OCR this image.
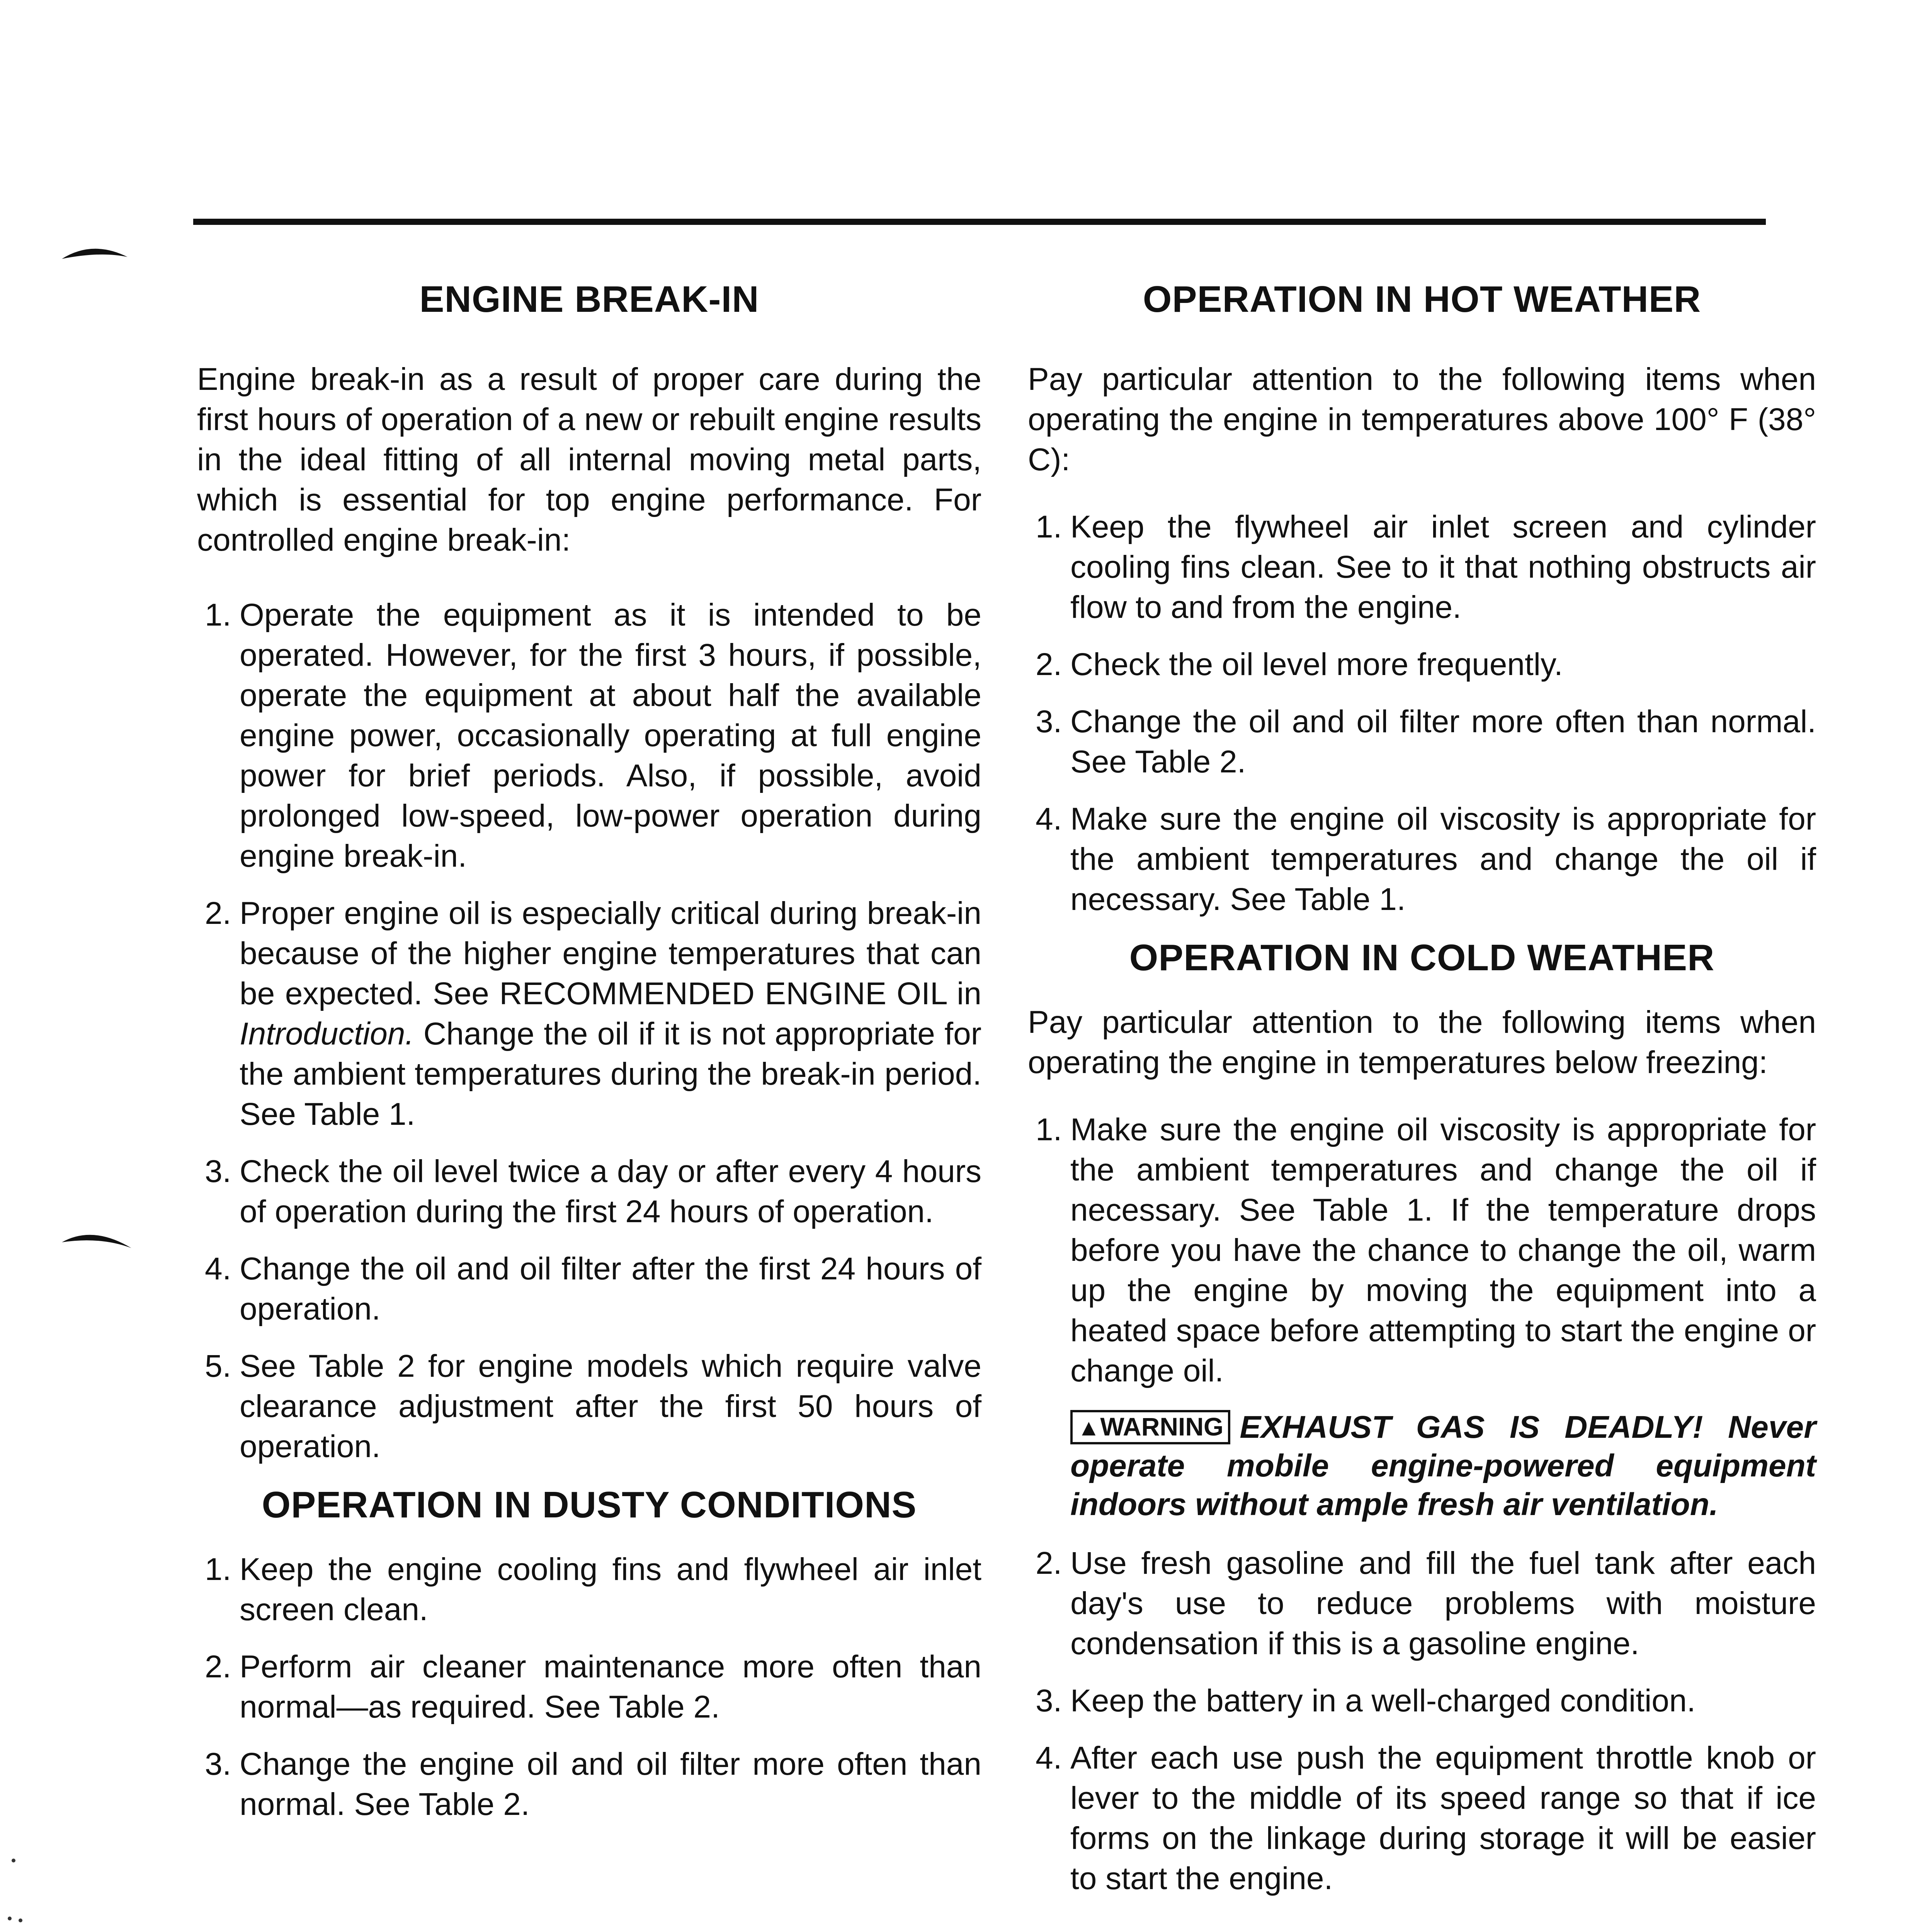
ENGINE BREAK-IN

Engine break-in as a result of proper care during the first hours of operation of a new or rebuilt engine results in the ideal fitting of all internal moving metal parts, which is essential for top engine performance. For controlled engine break-in:

1. Operate the equipment as it is intended to be operated. However, for the first 3 hours, if possible, operate the equipment at about half the available engine power, occasionally operating at full engine power for brief periods. Also, if possible, avoid prolonged low-speed, low-power operation during engine break-in.
2. Proper engine oil is especially critical during break-in because of the higher engine temperatures that can be expected. See RECOMMENDED ENGINE OIL in Introduction. Change the oil if it is not appropriate for the ambient temperatures during the break-in period. See Table 1.
3. Check the oil level twice a day or after every 4 hours of operation during the first 24 hours of operation.
4. Change the oil and oil filter after the first 24 hours of operation.
5. See Table 2 for engine models which require valve clearance adjustment after the first 50 hours of operation.
OPERATION IN DUSTY CONDITIONS
1. Keep the engine cooling fins and flywheel air inlet screen clean.
2. Perform air cleaner maintenance more often than normal—as required. See Table 2.
3. Change the engine oil and oil filter more often than normal. See Table 2.
OPERATION IN HOT WEATHER

Pay particular attention to the following items when operating the engine in temperatures above 100° F (38° C):

1. Keep the flywheel air inlet screen and cylinder cooling fins clean. See to it that nothing obstructs air flow to and from the engine.
2. Check the oil level more frequently.
3. Change the oil and oil filter more often than normal. See Table 2.
4. Make sure the engine oil viscosity is appropriate for the ambient temperatures and change the oil if necessary. See Table 1.
OPERATION IN COLD WEATHER

Pay particular attention to the following items when operating the engine in temperatures below freezing:

1. Make sure the engine oil viscosity is appropriate for the ambient temperatures and change the oil if necessary. See Table 1. If the temperature drops before you have the chance to change the oil, warm up the engine by moving the equipment into a heated space before attempting to start the engine or change oil.
▲WARNING EXHAUST GAS IS DEADLY! Never operate mobile engine-powered equipment indoors without ample fresh air ventilation.
2. Use fresh gasoline and fill the fuel tank after each day's use to reduce problems with moisture condensation if this is a gasoline engine.
3. Keep the battery in a well-charged condition.
4. After each use push the equipment throttle knob or lever to the middle of its speed range so that if ice forms on the linkage during storage it will be easier to start the engine.
